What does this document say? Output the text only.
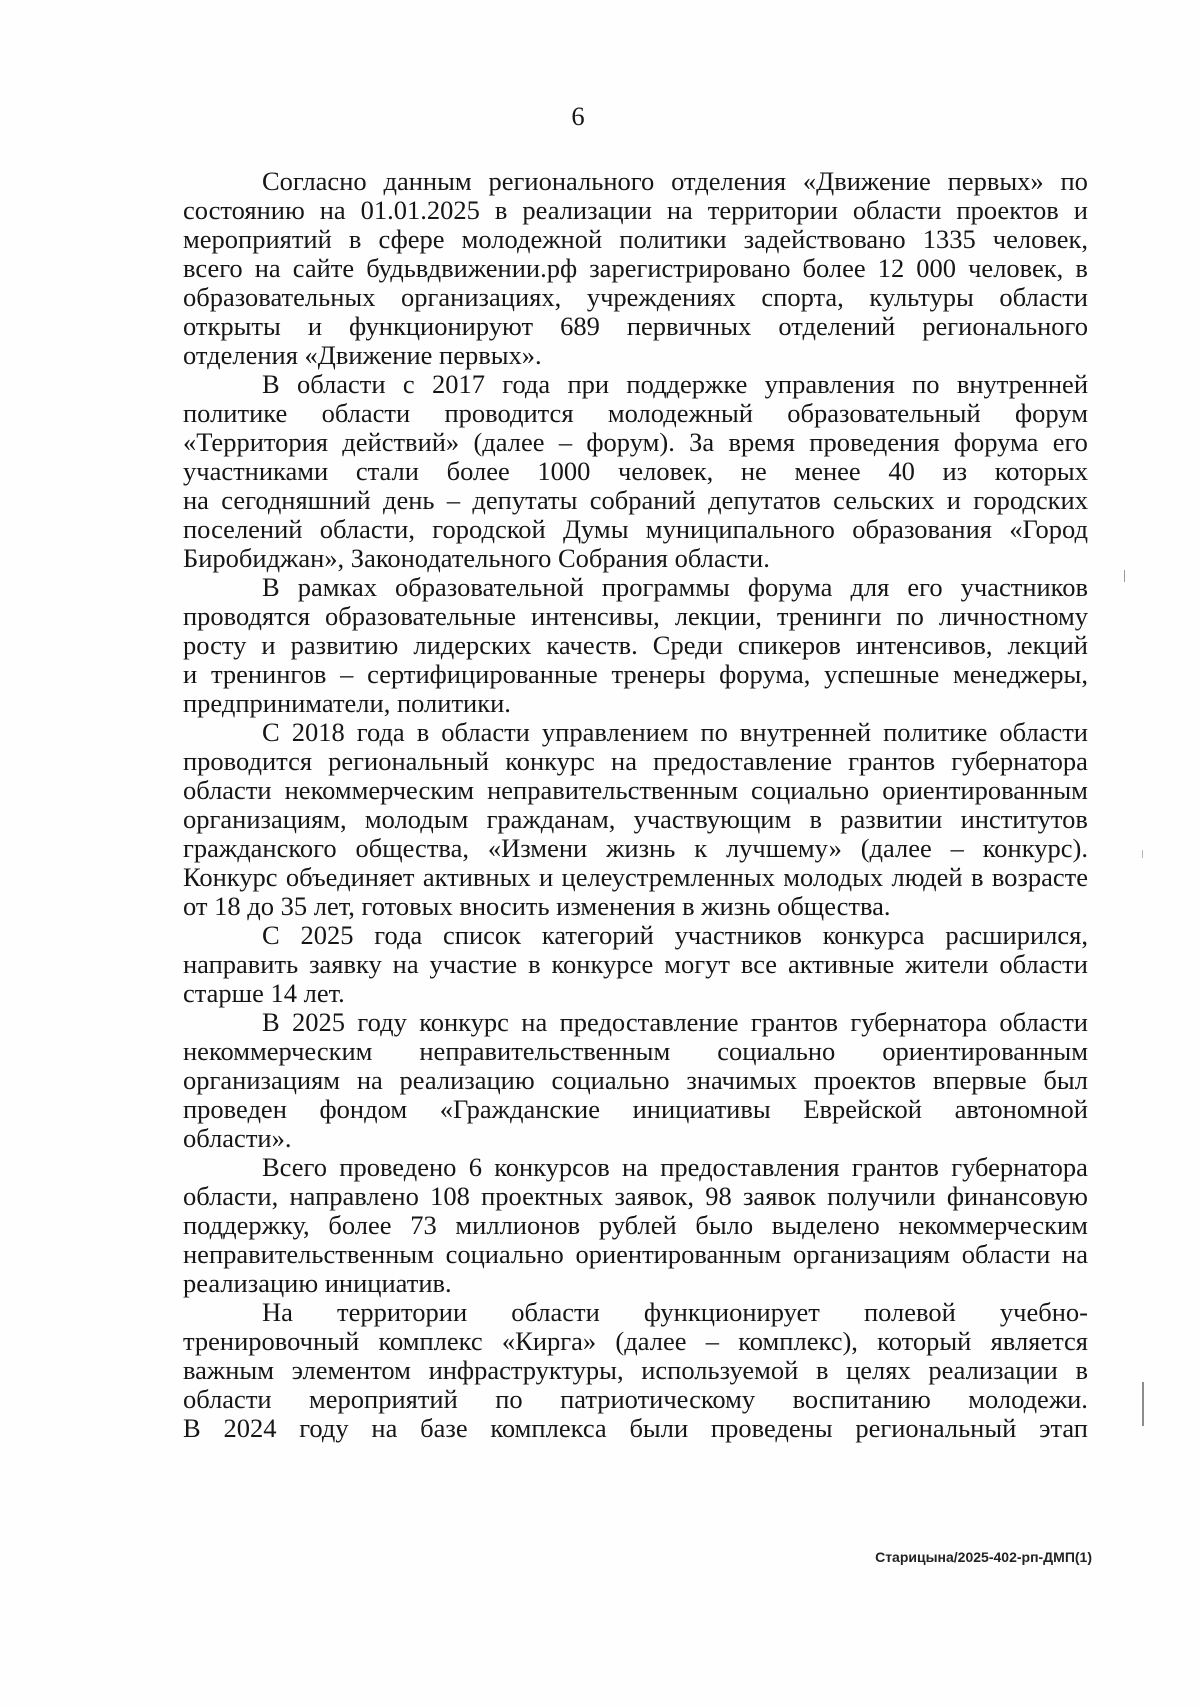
6
Согласно данным регионального отделения «Движение первых» по
состоянию на 01.01.2025 в реализации на территории области проектов и
мероприятий в сфере молодежной политики задействовано 1335 человек,
всего на сайте будьвдвижении.рф зарегистрировано более 12 000 человек, в
образовательных организациях, учреждениях спорта, культуры области
открыты и функционируют 689 первичных отделений регионального
отделения «Движение первых».
В области с 2017 года при поддержке управления по внутренней
политике области проводится молодежный образовательный форум
«Территория действий» (далее – форум). За время проведения форума его
участниками стали более 1000 человек, не менее 40 из которых
на сегодняшний день – депутаты собраний депутатов сельских и городских
поселений области, городской Думы муниципального образования «Город
Биробиджан», Законодательного Собрания области.
В рамках образовательной программы форума для его участников
проводятся образовательные интенсивы, лекции, тренинги по личностному
росту и развитию лидерских качеств. Среди спикеров интенсивов, лекций
и тренингов – сертифицированные тренеры форума, успешные менеджеры,
предприниматели, политики.
С 2018 года в области управлением по внутренней политике области
проводится региональный конкурс на предоставление грантов губернатора
области некоммерческим неправительственным социально ориентированным
организациям, молодым гражданам, участвующим в развитии институтов
гражданского общества, «Измени жизнь к лучшему» (далее – конкурс).
Конкурс объединяет активных и целеустремленных молодых людей в возрасте
от 18 до 35 лет, готовых вносить изменения в жизнь общества.
С 2025 года список категорий участников конкурса расширился,
направить заявку на участие в конкурсе могут все активные жители области
старше 14 лет.
В 2025 году конкурс на предоставление грантов губернатора области
некоммерческим неправительственным социально ориентированным
организациям на реализацию социально значимых проектов впервые был
проведен фондом «Гражданские инициативы Еврейской автономной
области».
Всего проведено 6 конкурсов на предоставления грантов губернатора
области, направлено 108 проектных заявок, 98 заявок получили финансовую
поддержку, более 73 миллионов рублей было выделено некоммерческим
неправительственным социально ориентированным организациям области на
реализацию инициатив.
На территории области функционирует полевой учебно-
тренировочный комплекс «Кирга» (далее – комплекс), который является
важным элементом инфраструктуры, используемой в целях реализации в
области мероприятий по патриотическому воспитанию молодежи.
В 2024 году на базе комплекса были проведены региональный этап
Старицына/2025-402-рп-ДМП(1)
